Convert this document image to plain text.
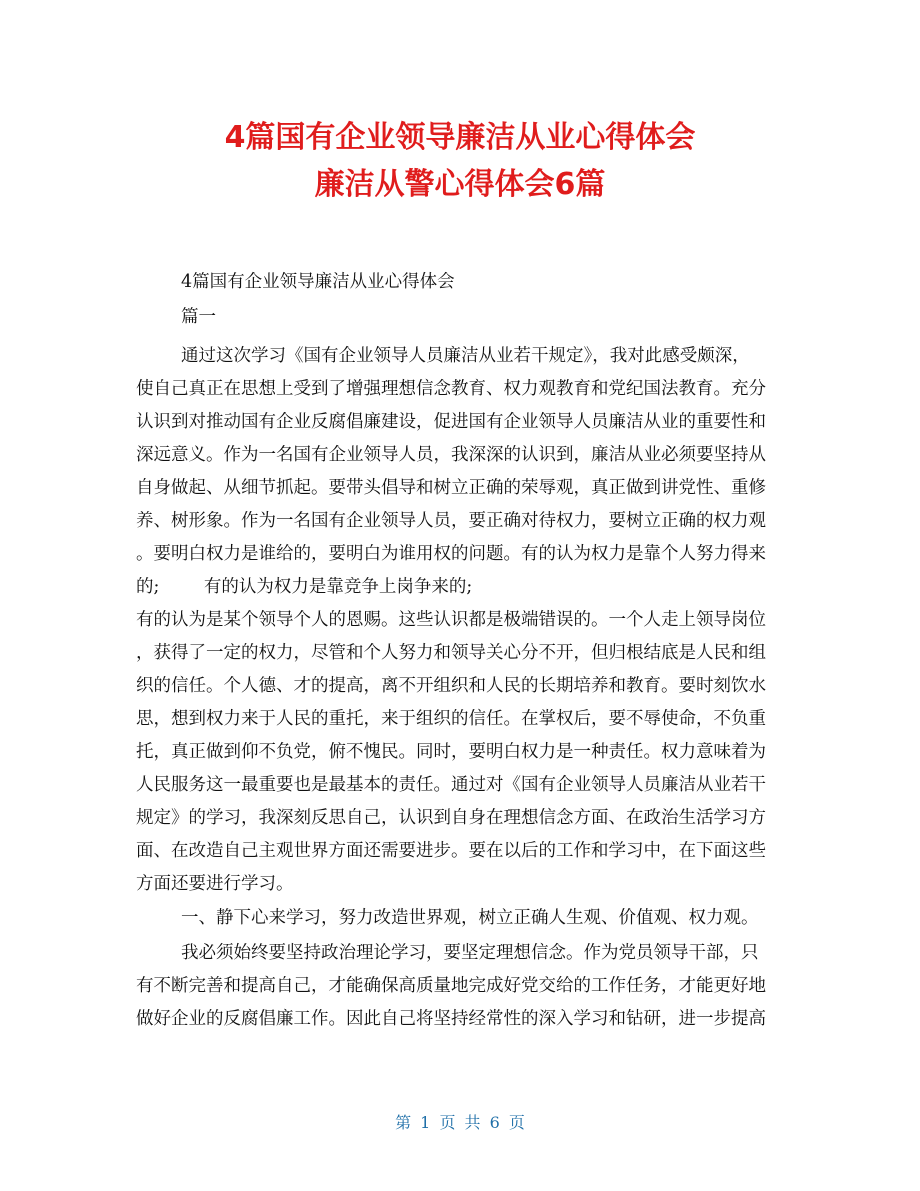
4篇国有企业领导廉洁从业心得体会
廉洁从警心得体会6篇
4篇国有企业领导廉洁从业心得体会
篇一
通过这次学习《国有企业领导人员廉洁从业若干规定》，我对此感受颇深，
使自己真正在思想上受到了增强理想信念教育、权力观教育和党纪国法教育。充分
认识到对推动国有企业反腐倡廉建设，促进国有企业领导人员廉洁从业的重要性和
深远意义。作为一名国有企业领导人员，我深深的认识到，廉洁从业必须要坚持从
自身做起、从细节抓起。要带头倡导和树立正确的荣辱观，真正做到讲党性、重修
养、树形象。作为一名国有企业领导人员，要正确对待权力，要树立正确的权力观
。要明白权力是谁给的，要明白为谁用权的问题。有的认为权力是靠个人努力得来
的;        有的认为权力是靠竞争上岗争来的;
有的认为是某个领导个人的恩赐。这些认识都是极端错误的。一个人走上领导岗位
，获得了一定的权力，尽管和个人努力和领导关心分不开，但归根结底是人民和组
织的信任。个人德、才的提高，离不开组织和人民的长期培养和教育。要时刻饮水
思，想到权力来于人民的重托，来于组织的信任。在掌权后，要不辱使命，不负重
托，真正做到仰不负党，俯不愧民。同时，要明白权力是一种责任。权力意味着为
人民服务这一最重要也是最基本的责任。通过对《国有企业领导人员廉洁从业若干
规定》的学习，我深刻反思自己，认识到自身在理想信念方面、在政治生活学习方
面、在改造自己主观世界方面还需要进步。要在以后的工作和学习中，在下面这些
方面还要进行学习。
一、静下心来学习，努力改造世界观，树立正确人生观、价值观、权力观。
我必须始终要坚持政治理论学习，要坚定理想信念。作为党员领导干部，只
有不断完善和提高自己，才能确保高质量地完成好党交给的工作任务，才能更好地
做好企业的反腐倡廉工作。因此自己将坚持经常性的深入学习和钻研，进一步提高
第 1 页 共 6 页
